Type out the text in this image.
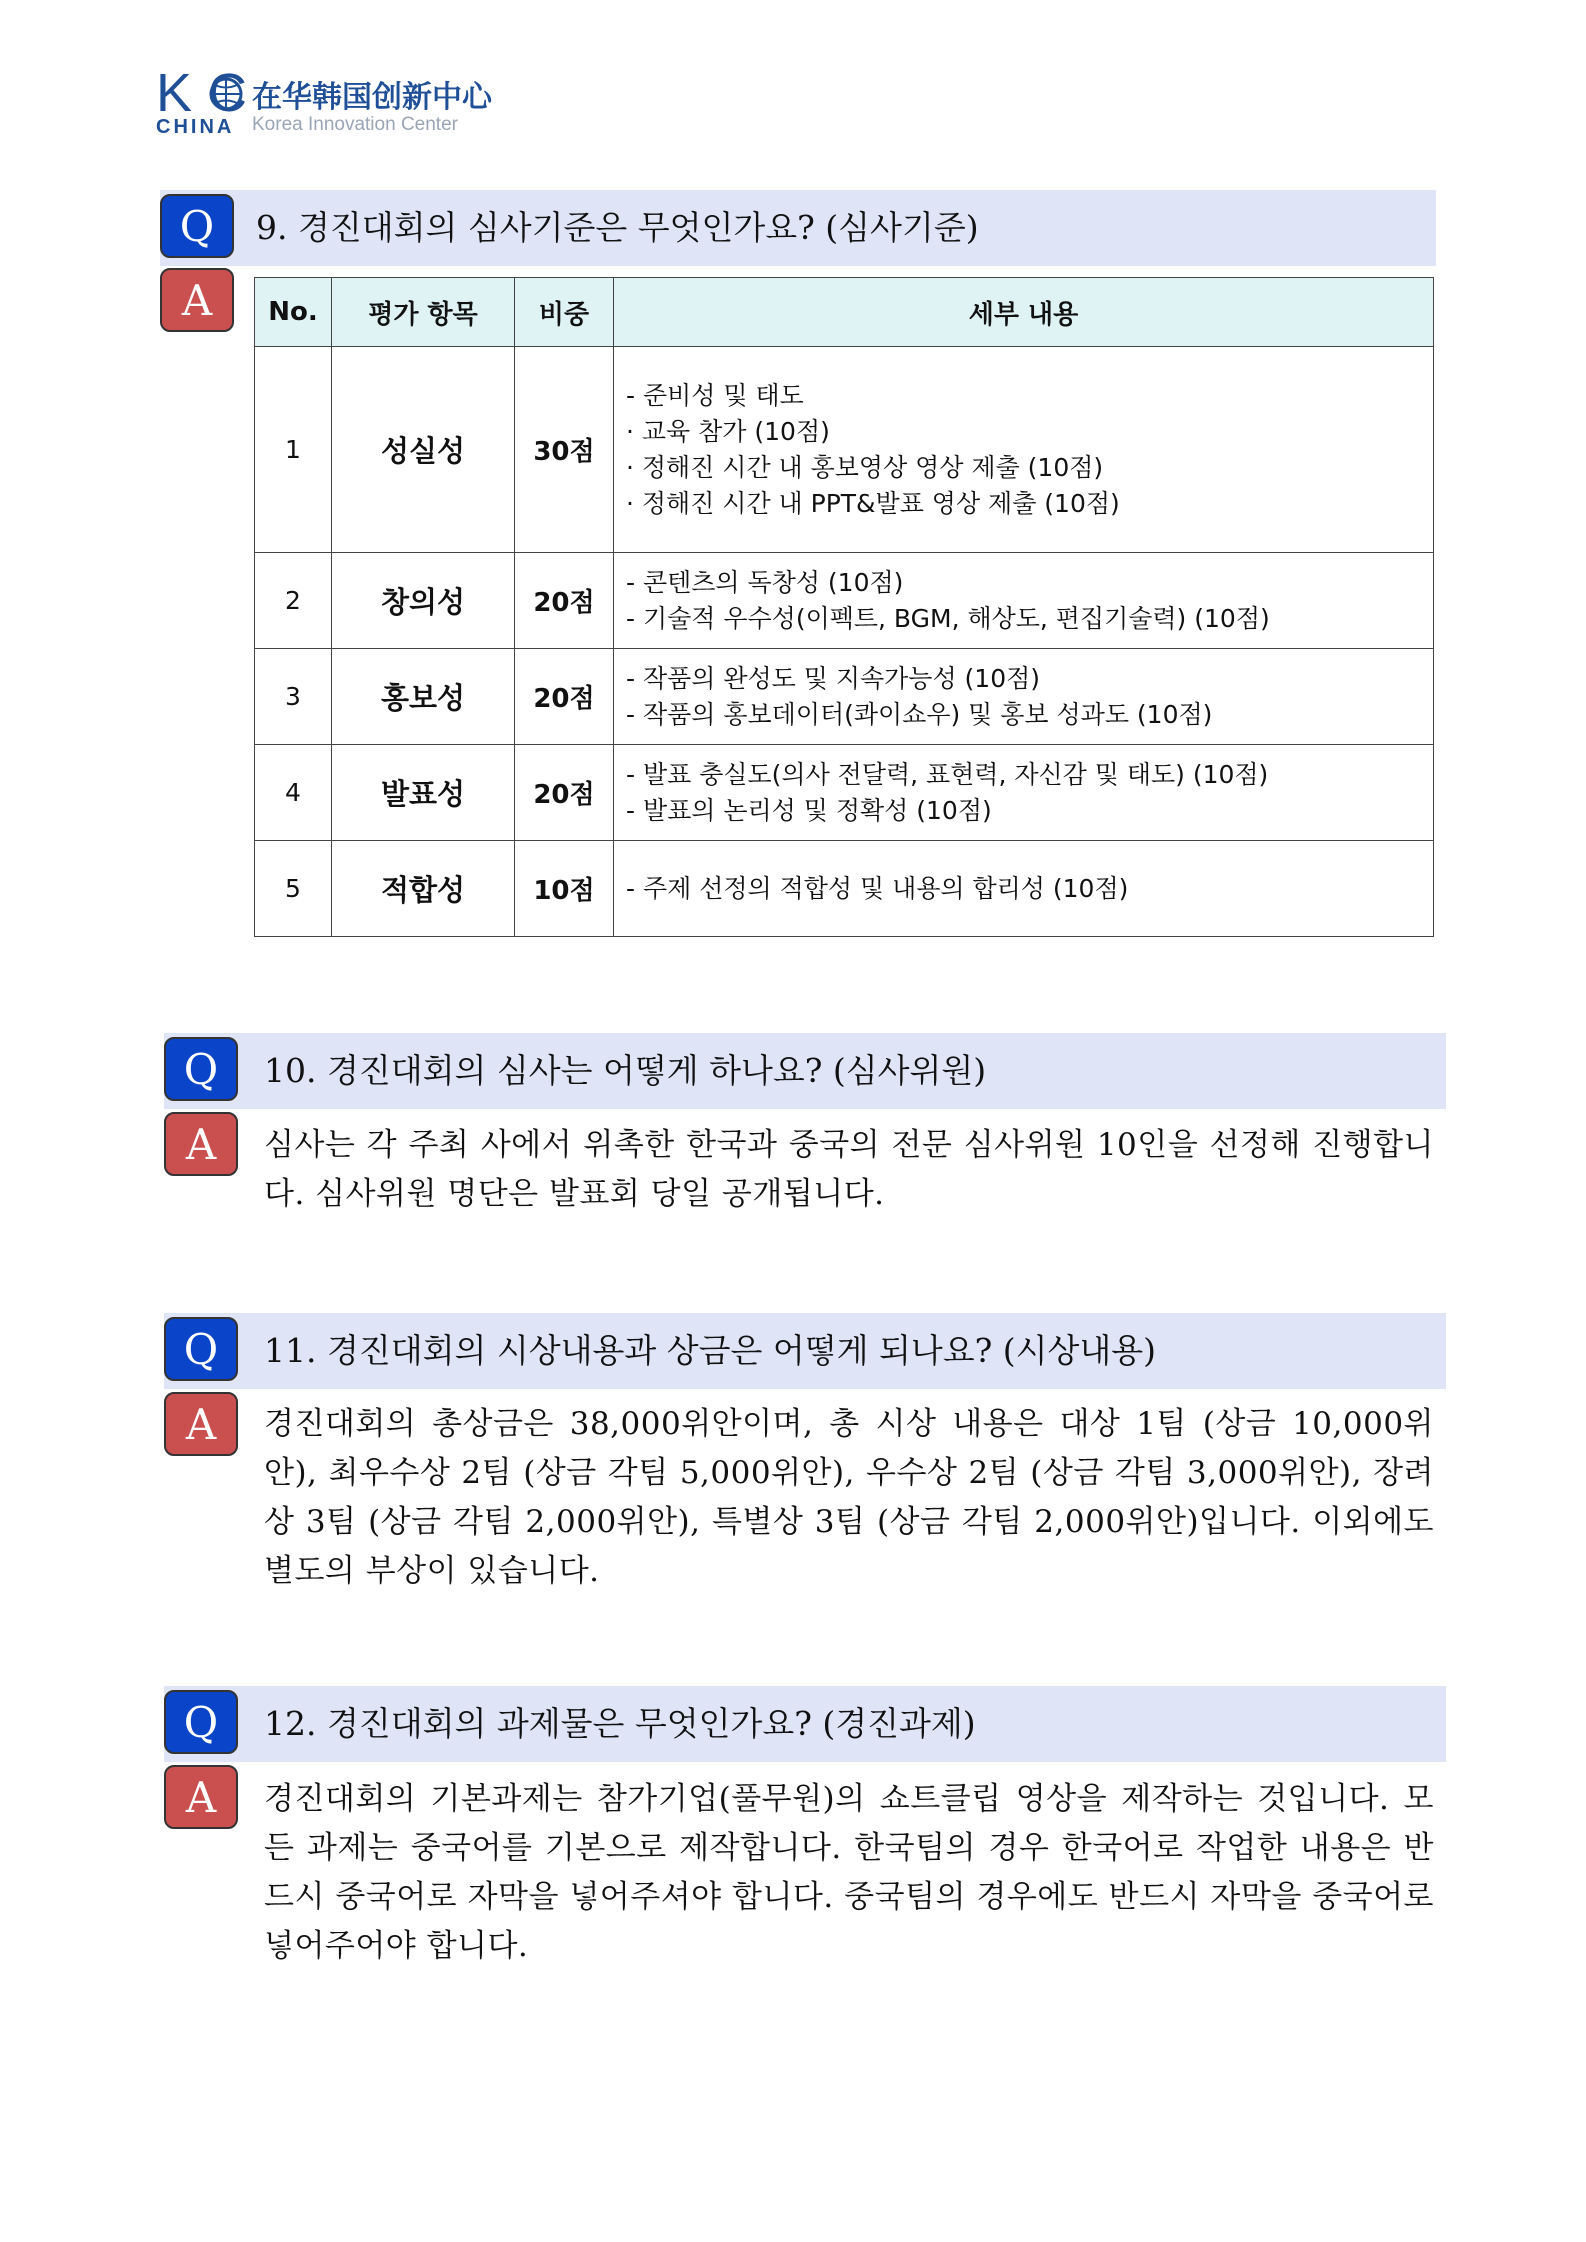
K C
CHINA
在华韩国创新中心
Korea Innovation Center
9. 경진대회의 심사기준은 무엇인가요? (심사기준)
Q
A	No.	평가 항목	비중	세부 내용
1	성실성	30점	- 준비성 및 태도
· 교육 참가 (10점)
· 정해진 시간 내 홍보영상 영상 제출 (10점)
· 정해진 시간 내 PPT&발표 영상 제출 (10점)

2	창의성	20점	- 콘텐츠의 독창성 (10점)
- 기술적 우수성(이펙트, BGM, 해상도, 편집기술력) (10점)

3	홍보성	20점	- 작품의 완성도 및 지속가능성 (10점)
- 작품의 홍보데이터(콰이쇼우) 및 홍보 성과도 (10점)

4	발표성	20점	- 발표 충실도(의사 전달력, 표현력, 자신감 및 태도) (10점)
- 발표의 논리성 및 정확성 (10점)

5	적합성	10점	- 주제 선정의 적합성 및 내용의 합리성 (10점)
10. 경진대회의 심사는 어떻게 하나요? (심사위원)
Q
A	심사는 각 주최 사에서 위촉한 한국과 중국의 전문 심사위원 10인을 선정해 진행합니다. 심사위원 명단은 발표회 당일 공개됩니다.
11. 경진대회의 시상내용과 상금은 어떻게 되나요? (시상내용)
Q
A	경진대회의 총상금은 38,000위안이며, 총 시상 내용은 대상 1팀 (상금 10,000위안), 최우수상 2팀 (상금 각팀 5,000위안), 우수상 2팀 (상금 각팀 3,000위안), 장려상 3팀 (상금 각팀 2,000위안), 특별상 3팀 (상금 각팀 2,000위안)입니다. 이외에도 별도의 부상이 있습니다.
12. 경진대회의 과제물은 무엇인가요? (경진과제)
Q
A	경진대회의 기본과제는 참가기업(풀무원)의 쇼트클립 영상을 제작하는 것입니다. 모든 과제는 중국어를 기본으로 제작합니다. 한국팀의 경우 한국어로 작업한 내용은 반드시 중국어로 자막을 넣어주셔야 합니다. 중국팀의 경우에도 반드시 자막을 중국어로 넣어주어야 합니다.
